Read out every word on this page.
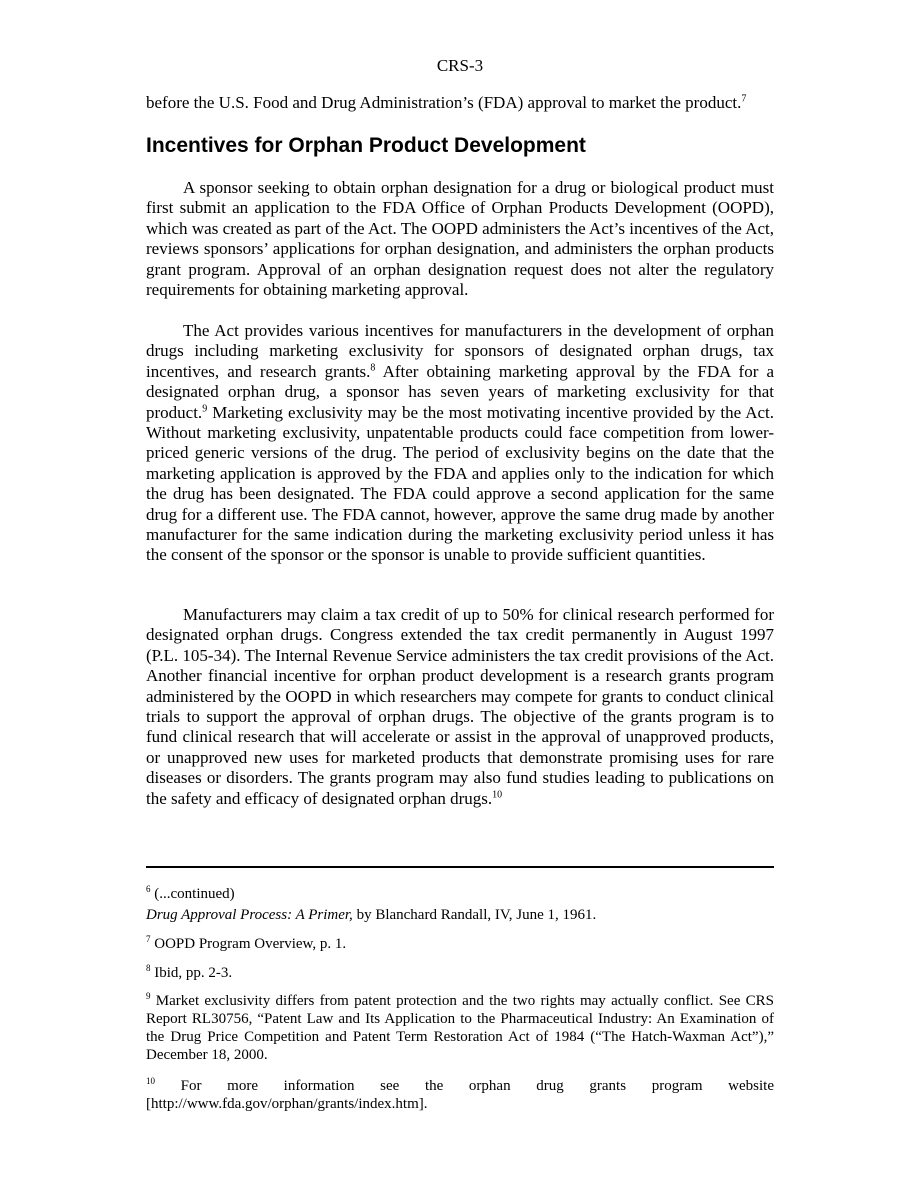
CRS-3
before the U.S. Food and Drug Administration’s (FDA) approval to market the product.$^7$
Incentives for Orphan Product Development
A sponsor seeking to obtain orphan designation for a drug or biological product must first submit an application to the FDA Office of Orphan Products Development (OOPD), which was created as part of the Act. The OOPD administers the Act’s incentives of the Act, reviews sponsors’ applications for orphan designation, and administers the orphan products grant program. Approval of an orphan designation request does not alter the regulatory requirements for obtaining marketing approval.
The Act provides various incentives for manufacturers in the development of orphan drugs including marketing exclusivity for sponsors of designated orphan drugs, tax incentives, and research grants.$^8$ After obtaining marketing approval by the FDA for a designated orphan drug, a sponsor has seven years of marketing exclusivity for that product.$^9$ Marketing exclusivity may be the most motivating incentive provided by the Act. Without marketing exclusivity, unpatentable products could face competition from lower-priced generic versions of the drug. The period of exclusivity begins on the date that the marketing application is approved by the FDA and applies only to the indication for which the drug has been designated. The FDA could approve a second application for the same drug for a different use. The FDA cannot, however, approve the same drug made by another manufacturer for the same indication during the marketing exclusivity period unless it has the consent of the sponsor or the sponsor is unable to provide sufficient quantities.
Manufacturers may claim a tax credit of up to 50% for clinical research performed for designated orphan drugs. Congress extended the tax credit permanently in August 1997 (P.L. 105-34). The Internal Revenue Service administers the tax credit provisions of the Act. Another financial incentive for orphan product development is a research grants program administered by the OOPD in which researchers may compete for grants to conduct clinical trials to support the approval of orphan drugs. The objective of the grants program is to fund clinical research that will accelerate or assist in the approval of unapproved products, or unapproved new uses for marketed products that demonstrate promising uses for rare diseases or disorders. The grants program may also fund studies leading to publications on the safety and efficacy of designated orphan drugs.$^{10}$
$^6$ (...continued)
Drug Approval Process: A Primer, by Blanchard Randall, IV, June 1, 1961.
$^7$ OOPD Program Overview, p. 1.
$^8$ Ibid, pp. 2-3.
$^9$ Market exclusivity differs from patent protection and the two rights may actually conflict. See CRS Report RL30756, “Patent Law and Its Application to the Pharmaceutical Industry: An Examination of the Drug Price Competition and Patent Term Restoration Act of 1984 (“The Hatch-Waxman Act”),” December 18, 2000.
$^{10}$ For more information see the orphan drug grants program website
[http://www.fda.gov/orphan/grants/index.htm].
